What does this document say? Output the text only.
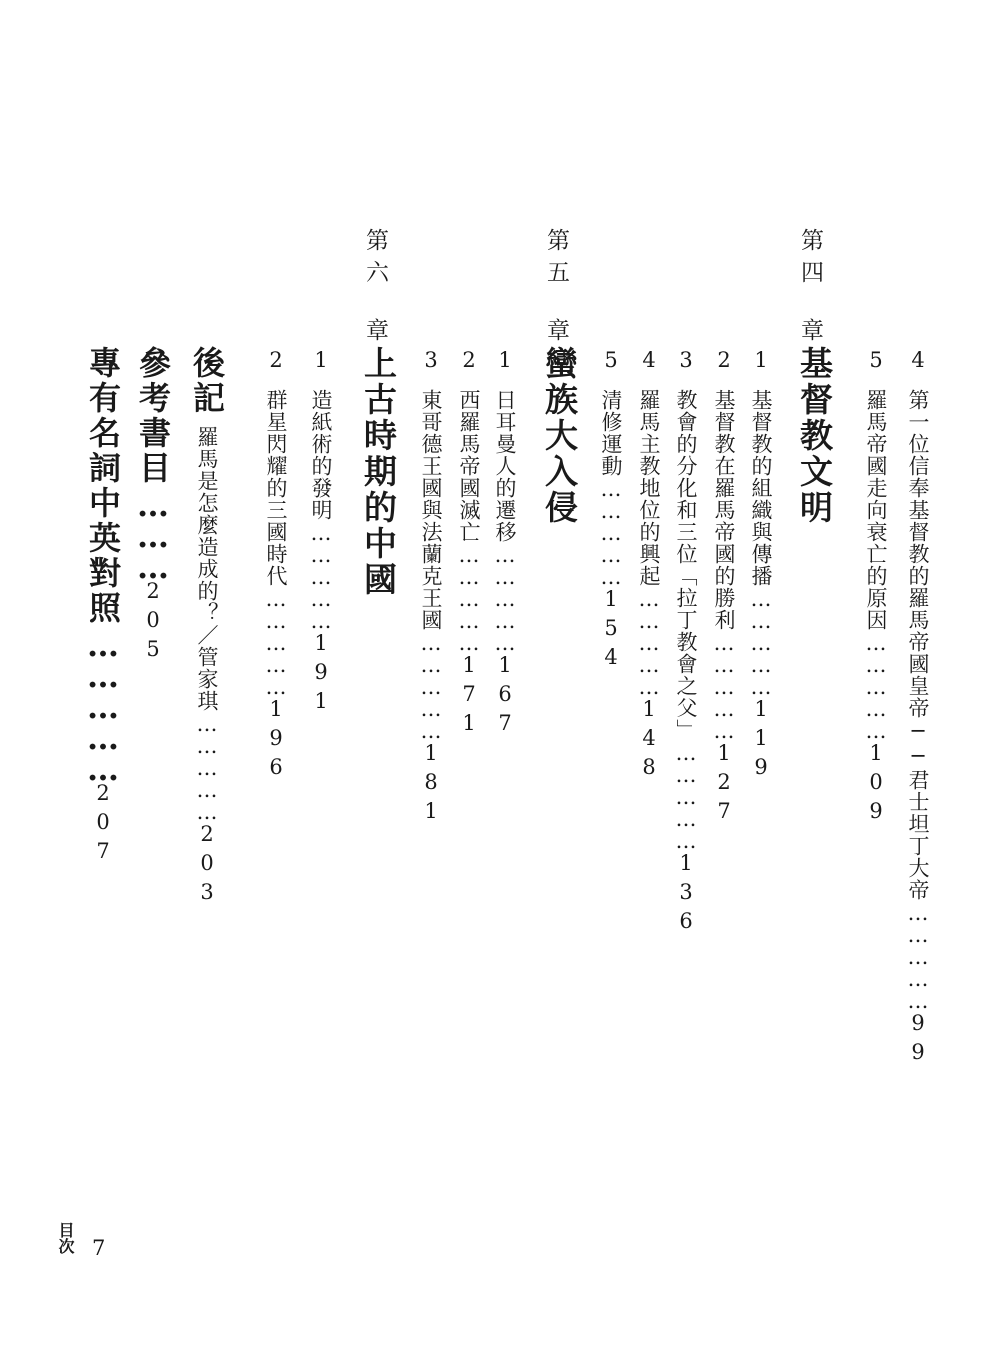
4第一位信奉基督教的羅馬帝國皇帝──君士坦丁大帝……………99
5羅馬帝國走向衰亡的原因……………109
第四章
基督教文明
1基督教的組織與傳播……………119
2基督教在羅馬帝國的勝利……………127
3教會的分化和三位「拉丁教會之父」……………136
4羅馬主教地位的興起……………148
5清修運動……………154
第五章
蠻族大入侵
1日耳曼人的遷移……………167
2西羅馬帝國滅亡……………171
3東哥德王國與法蘭克王國……………181
第六章
上古時期的中國
1造紙術的發明……………191
2群星閃耀的三國時代……………196
後記羅馬是怎麼造成的？／管家琪……………203
參考書目………205
專有名詞中英對照……………207
目次 7
